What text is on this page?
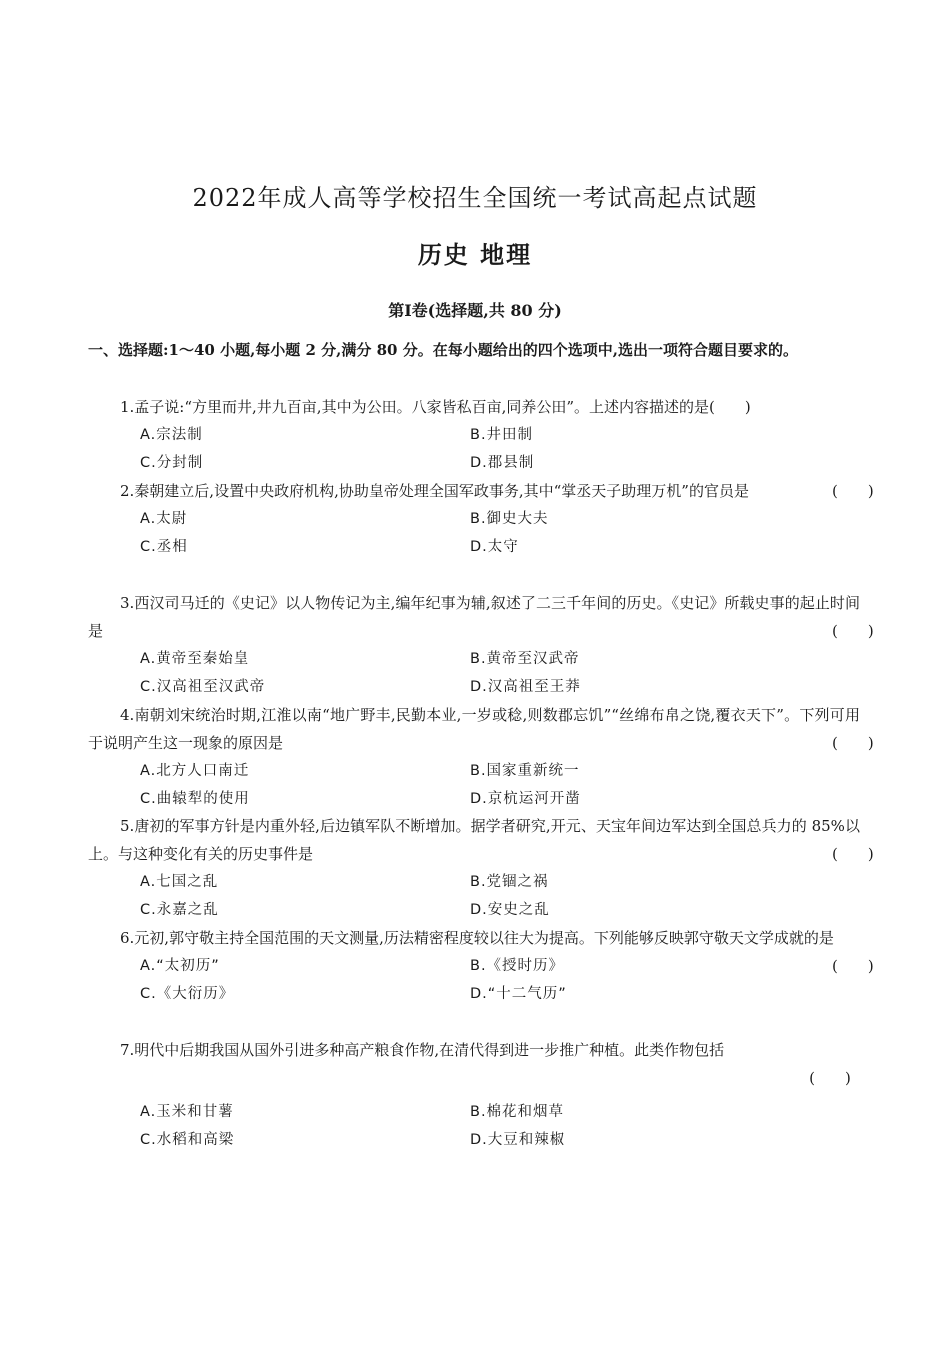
2022年成人高等学校招生全国统一考试高起点试题
历史 地理
第Ⅰ卷(选择题,共 80 分)
一、选择题:1～40 小题,每小题 2 分,满分 80 分。在每小题给出的四个选项中,选出一项符合题目要求的。
1.孟子说:“方里而井,井九百亩,其中为公田。八家皆私百亩,同养公田”。上述内容描述的是(　　)
A.宗法制	B.井田制
C.分封制	D.郡县制
2.秦朝建立后,设置中央政府机构,协助皇帝处理全国军政事务,其中“掌丞天子助理万机”的官员是	(　　)
A.太尉	B.御史大夫
C.丞相	D.太守
3.西汉司马迁的《史记》以人物传记为主,编年纪事为辅,叙述了二三千年间的历史。《史记》所载史事的起止时间是	(　　)
A.黄帝至秦始皇	B.黄帝至汉武帝
C.汉高祖至汉武帝	D.汉高祖至王莽
4.南朝刘宋统治时期,江淮以南“地广野丰,民勤本业,一岁或稔,则数郡忘饥”“丝绵布帛之饶,覆衣天下”。下列可用于说明产生这一现象的原因是	(　　)
A.北方人口南迁	B.国家重新统一
C.曲辕犁的使用	D.京杭运河开凿
5.唐初的军事方针是内重外轻,后边镇军队不断增加。据学者研究,开元、天宝年间边军达到全国总兵力的 85%以上。与这种变化有关的历史事件是	(　　)
A.七国之乱	B.党锢之祸
C.永嘉之乱	D.安史之乱
6.元初,郭守敬主持全国范围的天文测量,历法精密程度较以往大为提高。下列能够反映郭守敬天文学成就的是
(　　)
A.“太初历”	B.《授时历》
C.《大衍历》	D.“十二气历”
7.明代中后期我国从国外引进多种高产粮食作物,在清代得到进一步推广种植。此类作物包括
(　　)
A.玉米和甘薯	B.棉花和烟草
C.水稻和高梁	D.大豆和辣椒
